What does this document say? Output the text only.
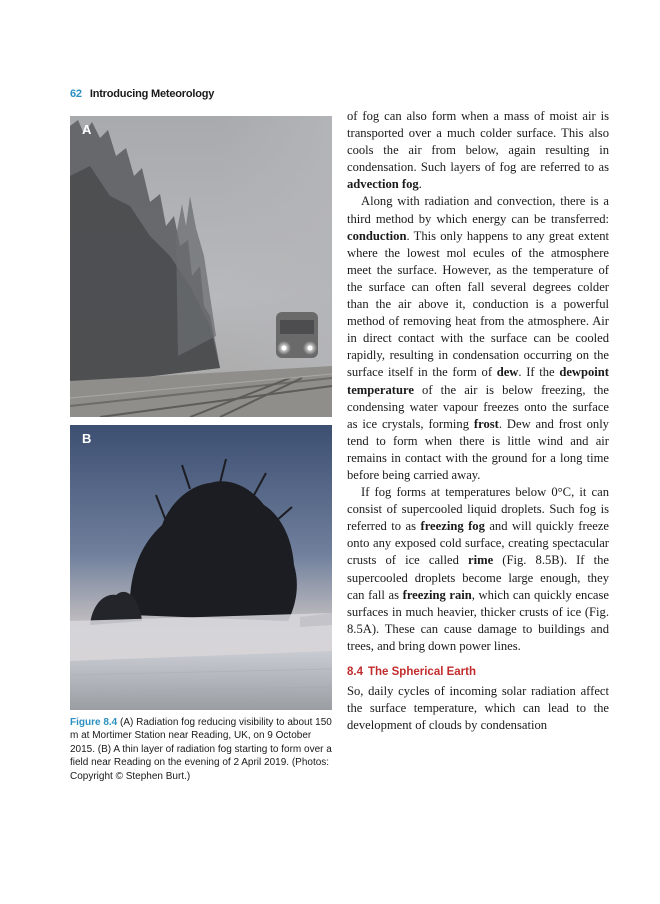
62 Introducing Meteorology
A
B
Figure 8.4 (A) Radiation fog reducing visibility to about 150 m at Mortimer Station near Reading, UK, on 9 October 2015. (B) A thin layer of radiation fog starting to form over a field near Reading on the evening of 2 April 2019. (Photos: Copyright © Stephen Burt.)

of fog can also form when a mass of moist air is transported over a much colder surface. This also cools the air from below, again resulting in condensation. Such layers of fog are referred to as advection fog.

Along with radiation and convection, there is a third method by which energy can be transferred: conduction. This only happens to any great extent where the lowest mol ecules of the atmosphere meet the surface. However, as the temperature of the surface can often fall several degrees colder than the air above it, conduction is a powerful method of removing heat from the atmosphere. Air in direct contact with the surface can be cooled rapidly, resulting in condensation occurring on the surface itself in the form of dew. If the dewpoint temperature of the air is below freezing, the condensing water vapour freezes onto the surface as ice crystals, forming frost. Dew and frost only tend to form when there is little wind and air remains in contact with the ground for a long time before being carried away.

If fog forms at temperatures below 0°C, it can consist of supercooled liquid droplets. Such fog is referred to as freezing fog and will quickly freeze onto any exposed cold surface, creating spectacular crusts of ice called rime (Fig. 8.5B). If the supercooled droplets become large enough, they can fall as freezing rain, which can quickly encase surfaces in much heavier, thicker crusts of ice (Fig. 8.5A). These can cause damage to buildings and trees, and bring down power lines.

8.4 The Spherical Earth

So, daily cycles of incoming solar radiation affect the surface temperature, which can lead to the development of clouds by condensation
